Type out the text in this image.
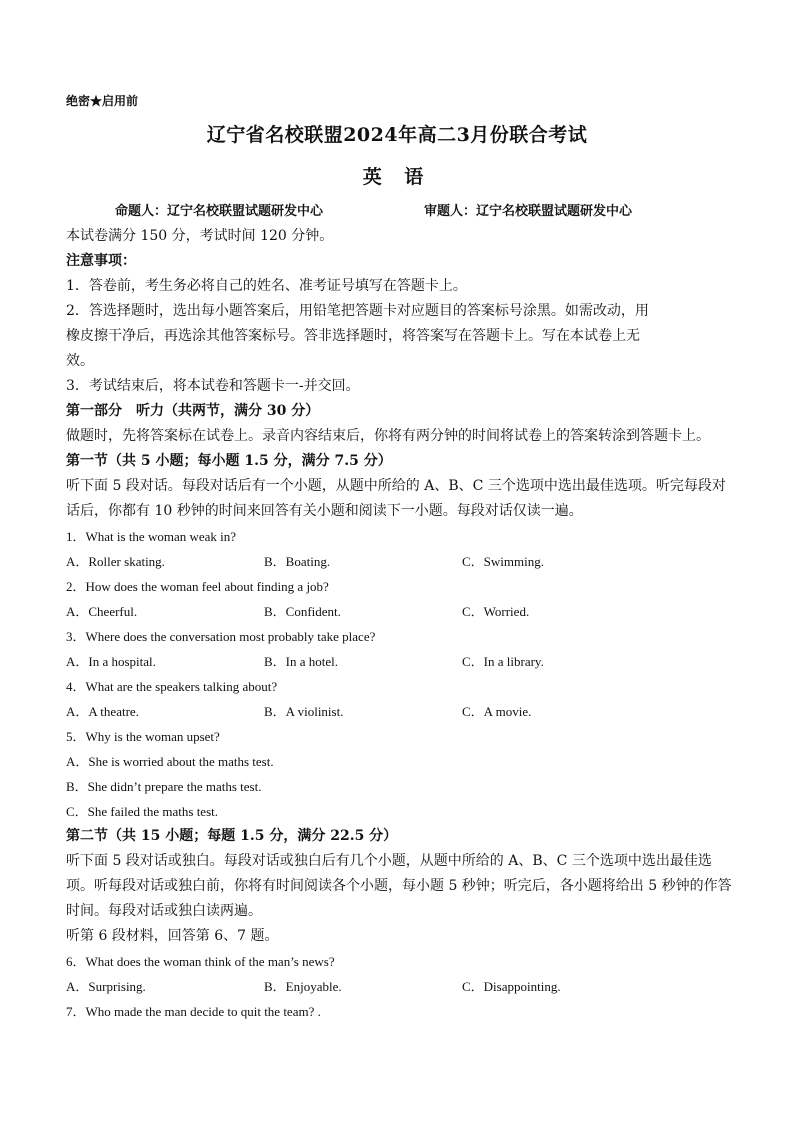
绝密★启用前
辽宁省名校联盟2024年高二3月份联合考试
英 语
命题人：辽宁名校联盟试题研发中心	审题人：辽宁名校联盟试题研发中心

本试卷满分 150 分，考试时间 120 分钟。

注意事项：

1．答卷前，考生务必将自己的姓名、准考证号填写在答题卡上。

2．答选择题时，选出每小题答案后，用铅笔把答题卡对应题目的答案标号涂黑。如需改动，用

橡皮擦干净后，再选涂其他答案标号。答非选择题时，将答案写在答题卡上。写在本试卷上无

效。

3．考试结束后，将本试卷和答题卡一-并交回。

第一部分　听力（共两节，满分 30 分）

做题时，先将答案标在试卷上。录音内容结束后，你将有两分钟的时间将试卷上的答案转涂到答题卡上。

第一节（共 5 小题；每小题 1.5 分，满分 7.5 分）

听下面 5 段对话。每段对话后有一个小题，从题中所给的 A、B、C 三个选项中选出最佳选项。听完每段对

话后，你都有 10 秒钟的时间来回答有关小题和阅读下一小题。每段对话仅读一遍。

1．What is the woman weak in?

A．Roller skating.	B．Boating.	C．Swimming.

2．How does the woman feel about finding a job?

A．Cheerful.	B．Confident.	C．Worried.

3．Where does the conversation most probably take place?

A．In a hospital.	B．In a hotel.	C．In a library.

4．What are the speakers talking about?

A．A theatre.	B．A violinist.	C．A movie.

5．Why is the woman upset?

A．She is worried about the maths test.

B．She didn’t prepare the maths test.

C．She failed the maths test.

第二节（共 15 小题；每题 1.5 分，满分 22.5 分）

听下面 5 段对话或独白。每段对话或独白后有几个小题，从题中所给的 A、B、C 三个选项中选出最佳选

项。听每段对话或独白前，你将有时间阅读各个小题，每小题 5 秒钟；听完后，各小题将给出 5 秒钟的作答

时间。每段对话或独白读两遍。

听第 6 段材料，回答第 6、7 题。

6．What does the woman think of the man’s news?

A．Surprising.	B．Enjoyable.	C．Disappointing.

7．Who made the man decide to quit the team? .
